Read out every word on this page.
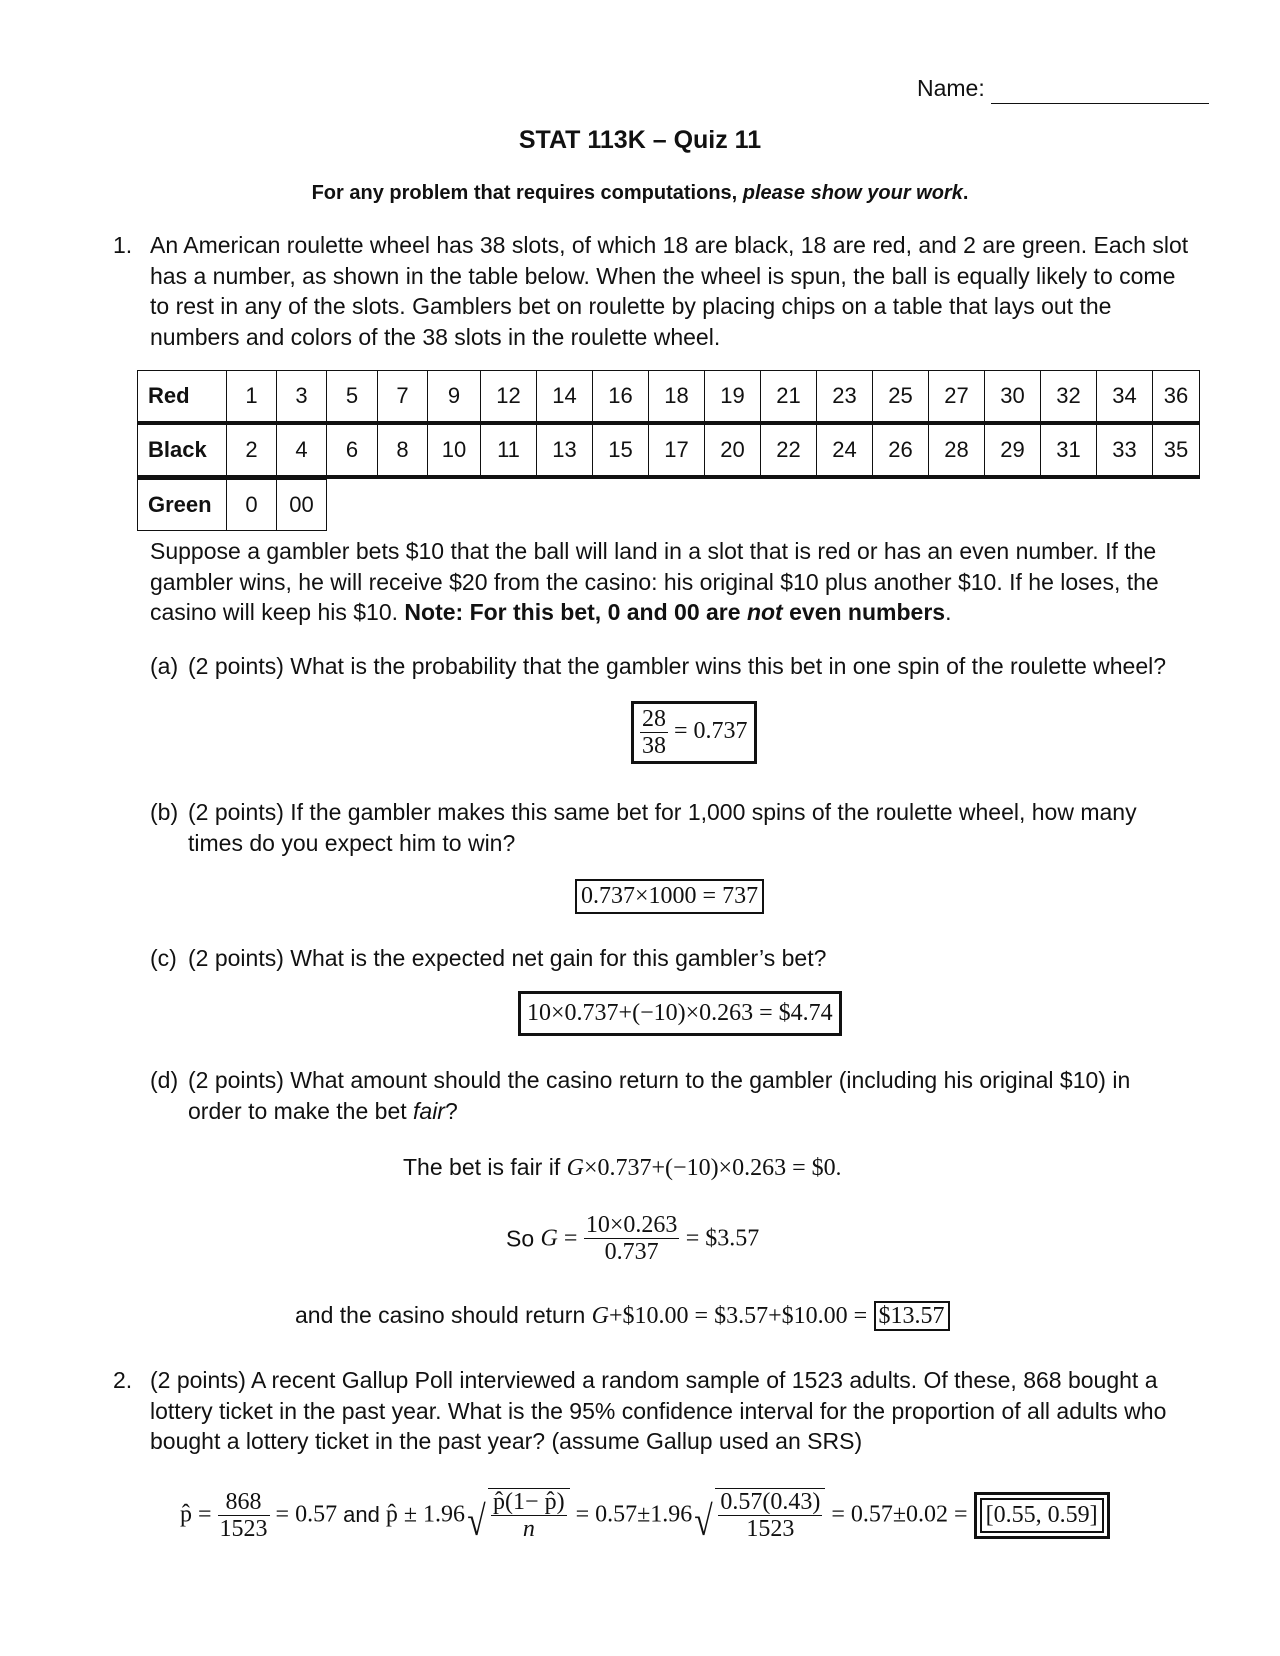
Name:
STAT 113K – Quiz 11
For any problem that requires computations, please show your work.
1. An American roulette wheel has 38 slots, of which 18 are black, 18 are red, and 2 are green. Each slot has a number, as shown in the table below. When the wheel is spun, the ball is equally likely to come to rest in any of the slots. Gamblers bet on roulette by placing chips on a table that lays out the numbers and colors of the 38 slots in the roulette wheel.
Red	1	3	5	7	9	12	14	16	18	19	21	23	25	27	30	32	34	36
Black	2	4	6	8	10	11	13	15	17	20	22	24	26	28	29	31	33	35
Green	0	00
Suppose a gambler bets $10 that the ball will land in a slot that is red or has an even number. If the gambler wins, he will receive $20 from the casino: his original $10 plus another $10. If he loses, the casino will keep his $10. Note: For this bet, 0 and 00 are not even numbers.
(a) (2 points) What is the probability that the gambler wins this bet in one spin of the roulette wheel?
$\frac{28}{38} = 0.737$
(b) (2 points) If the gambler makes this same bet for 1,000 spins of the roulette wheel, how many times do you expect him to win?
0.737×1000 = 737
(c) (2 points) What is the expected net gain for this gambler’s bet?
10×0.737+(−10)×0.263 = $4.74
(d) (2 points) What amount should the casino return to the gambler (including his original $10) in order to make the bet fair?
The bet is fair if G×0.737+(−10)×0.263 = $0.
So $G = \frac{10\times 0.263}{0.737}$ = $3.57
and the casino should return G+$10.00 = $3.57+$10.00 = $13.57
2. (2 points) A recent Gallup Poll interviewed a random sample of 1523 adults. Of these, 868 bought a lottery ticket in the past year. What is the 95% confidence interval for the proportion of all adults who bought a lottery ticket in the past year? (assume Gallup used an SRS)
p̂ = $\frac{868}{1523} = 0.57$ and p̂ ± $1.96√ \frac{p̂(1- p̂)}{n} = 0.57\pm 1.96√ \frac{0.57(0.43)}{1523} = 0.57\pm 0.02 = [0.55$, 0.59]
